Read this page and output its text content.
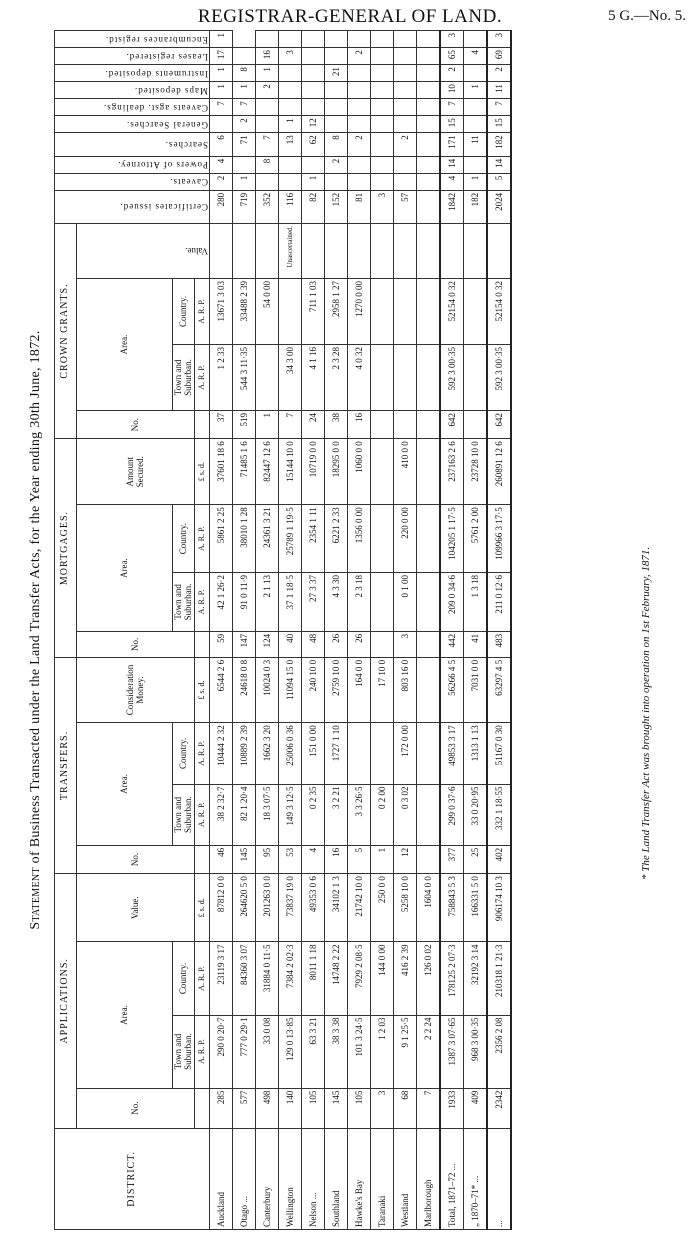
REGISTRAR-GENERAL OF LAND.	5 G.—No. 5.
Statement of Business Transacted under the Land Transfer Acts, for the Year ending 30th June, 1872.
DISTRICT.	APPLICATIONS.				TRANSFERS.				MORTGAGES.				CROWN GRANTS.				Certificates issued.	Caveats.	Powers of Attorney.	Searches.	General Searches.	Caveats agst. dealings.	Maps deposited.	Instruments deposited.	Leases registered.	Encumbrances registd.
	No.	Area.		Value.	No.	Area.		Consideration Money.	No.	Area.		Amount Secured.	No.	Area.		Value.										
		Town and Suburban.	Country.			Town and Suburban.	Country.			Town and Suburban.	Country.			Town and Suburban.	Country.											
		A. R. P.	A. R. P.	£ s. d.		A. R. P.	A. R. P.	£ s. d.		A. R. P.	A. R. P.	£ s. d.		A. R. P.	A. R. P.											
Auckland	285	290 0 20·7	23119 3 17	87812 0 0	46	38 2 32·7	10444 2 32	6544 2 6	59	42 1 26·2	5861 2 25	37601 18 6	37	1 2 33	13671 3 03		280	2	4	6		7	1	1	17	1
Otago ...	577	777 0 29·1	84360 3 07	264620 5 0	145	82 1 20·4	10889 2 39	24618 0 8	147	91 0 11·9	38010 1 28	71485 1 6	519	544 3 11·35	33488 2 39		719	1		71	2	7	1	8		
Canterbury	498	33 0 08	31884 0 11·5	201263 0 0	95	18 3 07·5	1662 3 20	10024 0 3	124	2 1 13	24361 3 21	82447 12 6	1		54 0 00		352		8	7			2	1	16	
Wellington	140	129 0 13·85	7384 2 02·3	73837 19 0	53	149 3 12·5	25006 0 36	11094 15 0	40	37 1 18·5	25789 1 19·5	15144 10 0	7	34 3 00		Unascertained.	116			13	1				3	
Nelson ...	105	63 3 21	8011 1 18	49353 0 6	4	0 2 35	151 0 00	240 10 0	48	27 3 37	2354 1 11	10719 0 0	24	4 1 16	711 1 03		82	1		62	12					
Southland	145	38 3 38	14748 2 22	34102 1 3	16	3 2 21	1727 1 10	2759 10 0	26	4 3 30	6221 2 33	18295 0 0	38	2 3 28	2958 1 27		152		2	8				21		
Hawke's Bay	105	101 3 24·5	7929 2 08·5	21742 10 0	5	3 3 26·5		164 0 0	26	2 3 18	1356 0 00	1060 0 0	16	4 0 32	1270 0 00		81			2					2	
Taranaki	3	1 2 03	144 0 00	250 0 0	1	0 2 00		17 10 0									3									
Westland	68	9 1 25·5	416 2 39	5258 10 0	12	0 3 02	172 0 00	803 16 0	3	0 1 00	220 0 00	410 0 0					57			2						
Marlborough	7	2 2 24	126 0 02	1604 0 0																						
Total, 1871–72 ...	1933	1387 3 07·65	178125 2 07·3	758843 5 3	377	299 0 37·6	49853 3 17	56266 4 5	442	209 0 34·6	104205 1 17·5	237163 2 6	642	592 3 00·35	52154 0 32		1842	4	14	171	15	7	10	2	65	3
„ 1870–71* ...	409	968 3 00·35	32192 3 14	166331 5 0	25	33 0 20·95	1313 1 13	7031 0 0	41	1 3 18	5761 2 00	23728 10 0					182	1		11			1		4	
...	2342	2356 2 08	210318 1 21·3	906174 10 3	402	332 1 18·55	51167 0 30	63297 4 5	483	211 0 12·6	109966 3 17·5	260891 12 6	642	592 3 00·35	52154 0 32		2024	5	14	182	15	7	11	2	69	3
* The Land Transfer Act was brought into operation on 1st February, 1871.
